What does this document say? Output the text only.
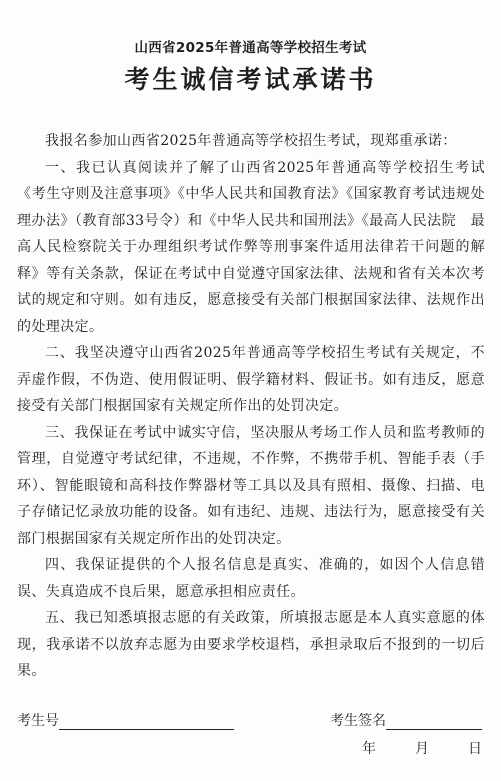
山西省2025年普通高等学校招生考试
考生诚信考试承诺书

我报名参加山西省2025年普通高等学校招生考试，现郑重承诺：

一、我已认真阅读并了解了山西省2025年普通高等学校招生考试《考生守则及注意事项》《中华人民共和国教育法》《国家教育考试违规处理办法》（教育部33号令）和《中华人民共和国刑法》《最高人民法院　最高人民检察院关于办理组织考试作弊等刑事案件适用法律若干问题的解释》等有关条款，保证在考试中自觉遵守国家法律、法规和省有关本次考试的规定和守则。如有违反，愿意接受有关部门根据国家法律、法规作出的处理决定。

二、我坚决遵守山西省2025年普通高等学校招生考试有关规定，不弄虚作假，不伪造、使用假证明、假学籍材料、假证书。如有违反，愿意接受有关部门根据国家有关规定所作出的处罚决定。

三、我保证在考试中诚实守信，坚决服从考场工作人员和监考教师的管理，自觉遵守考试纪律，不违规，不作弊，不携带手机、智能手表（手环）、智能眼镜和高科技作弊器材等工具以及具有照相、摄像、扫描、电子存储记忆录放功能的设备。如有违纪、违规、违法行为，愿意接受有关部门根据国家有关规定所作出的处罚决定。

四、我保证提供的个人报名信息是真实、准确的，如因个人信息错误、失真造成不良后果，愿意承担相应责任。

五、我已知悉填报志愿的有关政策，所填报志愿是本人真实意愿的体现，我承诺不以放弃志愿为由要求学校退档，承担录取后不报到的一切后果。

考生号	考生签名
年	月	日
